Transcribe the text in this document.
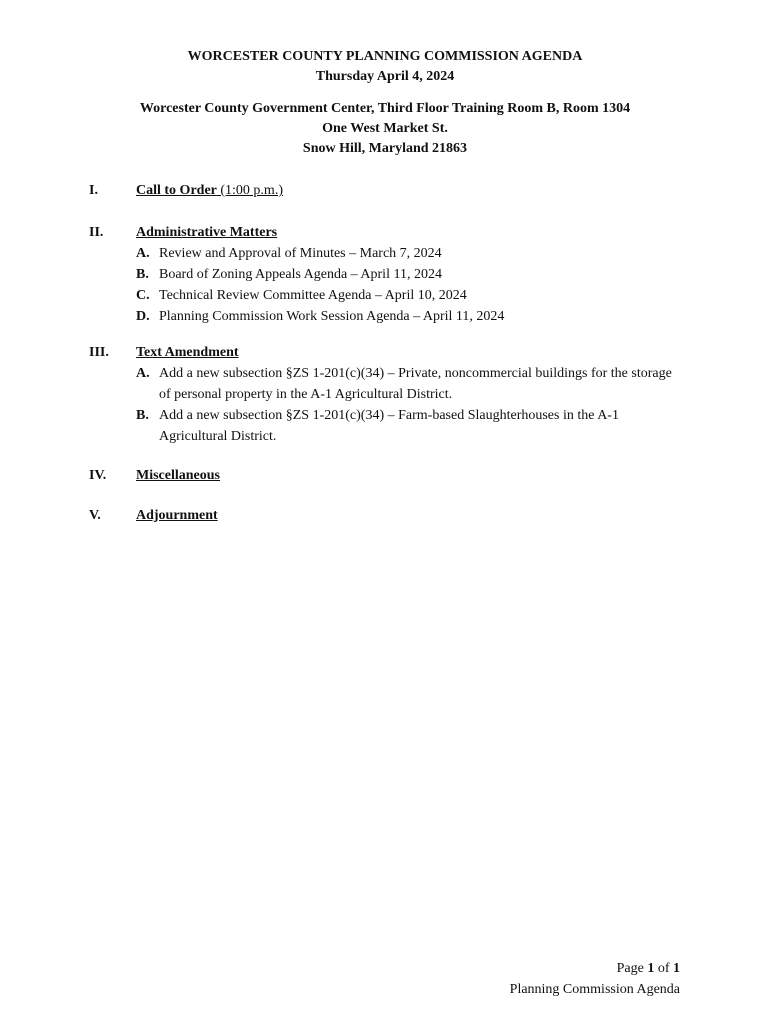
WORCESTER COUNTY PLANNING COMMISSION AGENDA
Thursday April 4, 2024
Worcester County Government Center, Third Floor Training Room B, Room 1304
One West Market St.
Snow Hill, Maryland 21863
I.	Call to Order (1:00 p.m.)
II. Administrative Matters
A. Review and Approval of Minutes – March 7, 2024
B. Board of Zoning Appeals Agenda – April 11, 2024
C. Technical Review Committee Agenda – April 10, 2024
D. Planning Commission Work Session Agenda – April 11, 2024
III. Text Amendment
A. Add a new subsection §ZS 1-201(c)(34) – Private, noncommercial buildings for the storage of personal property in the A-1 Agricultural District.
B. Add a new subsection §ZS 1-201(c)(34) – Farm-based Slaughterhouses in the A-1 Agricultural District.
IV. Miscellaneous
V.	Adjournment
Page 1 of 1
Planning Commission Agenda
